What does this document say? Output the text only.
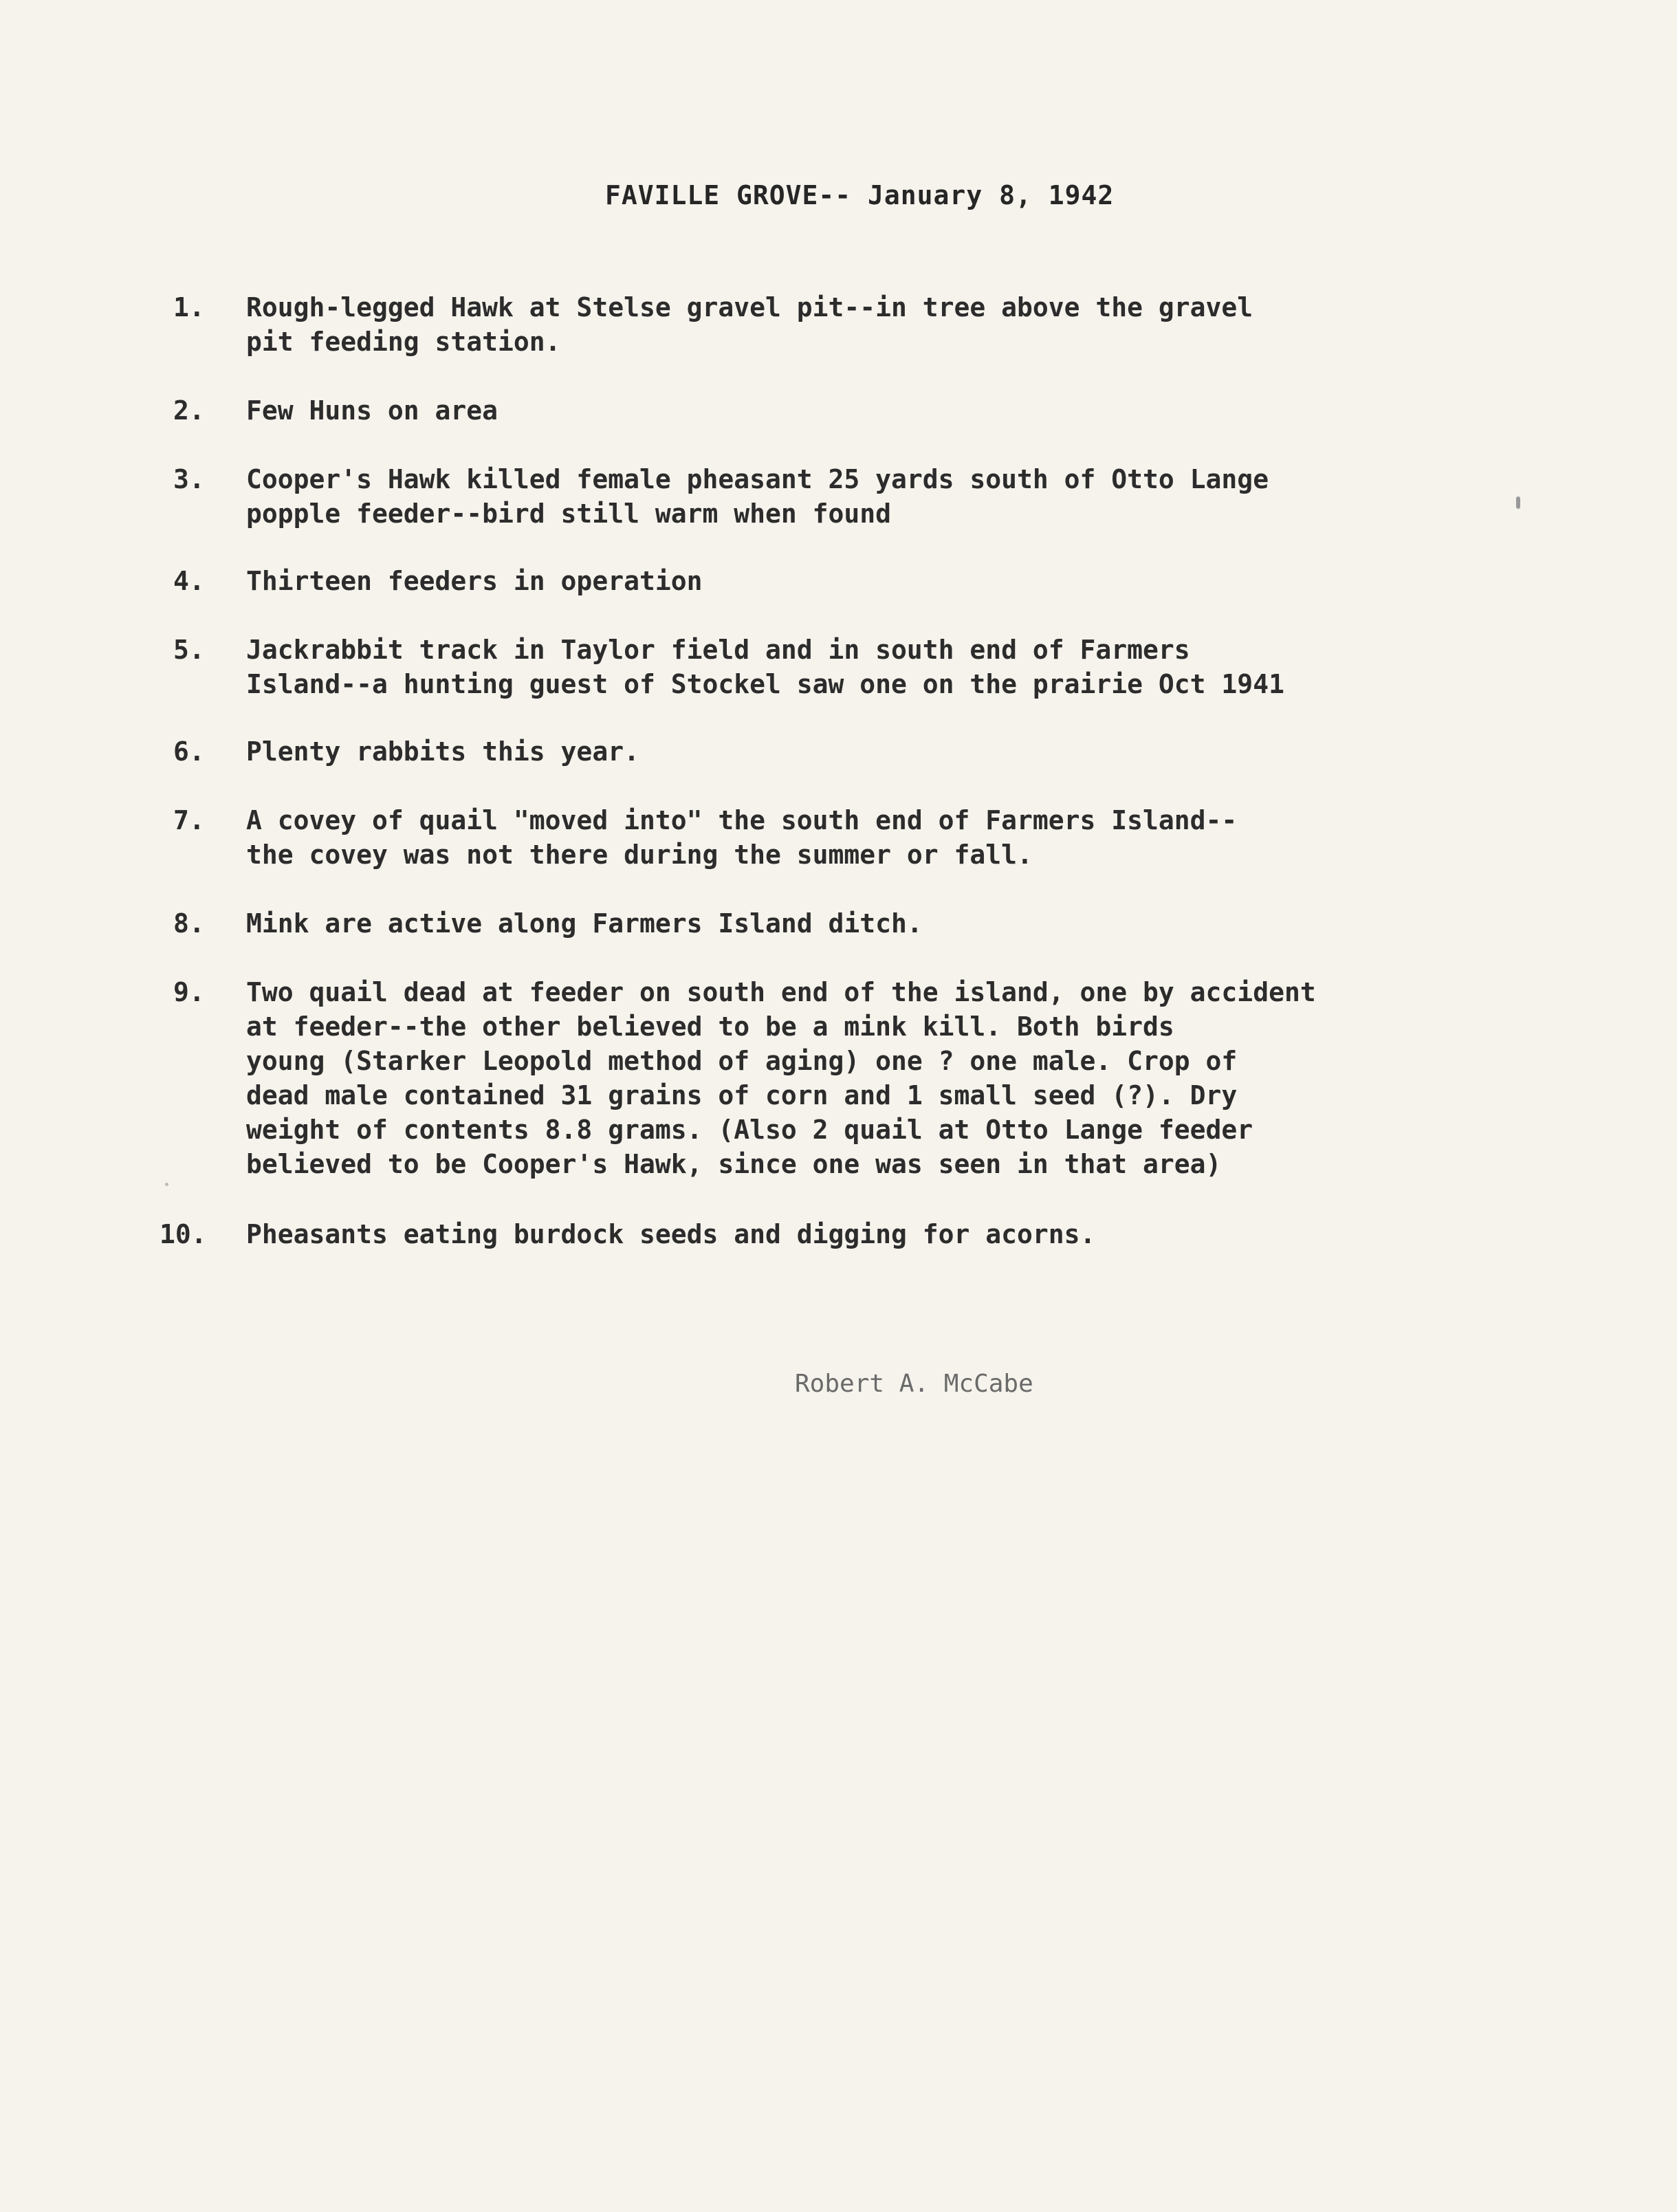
FAVILLE GROVE-- January 8, 1942
1. Rough-legged Hawk at Stelse gravel pit--in tree above the gravel
pit feeding station.
2. Few Huns on area
3. Cooper's Hawk killed female pheasant 25 yards south of Otto Lange
popple feeder--bird still warm when found
4. Thirteen feeders in operation
5. Jackrabbit track in Taylor field and in south end of Farmers
Island--a hunting guest of Stockel saw one on the prairie Oct 1941
6. Plenty rabbits this year.
7. A covey of quail "moved into" the south end of Farmers Island--
the covey was not there during the summer or fall.
8. Mink are active along Farmers Island ditch.
9. Two quail dead at feeder on south end of the island, one by accident
at feeder--the other believed to be a mink kill. Both birds
young (Starker Leopold method of aging) one ? one male. Crop of
dead male contained 31 grains of corn and 1 small seed (?). Dry
weight of contents 8.8 grams. (Also 2 quail at Otto Lange feeder
believed to be Cooper's Hawk, since one was seen in that area)
10. Pheasants eating burdock seeds and digging for acorns.
Robert A. McCabe
